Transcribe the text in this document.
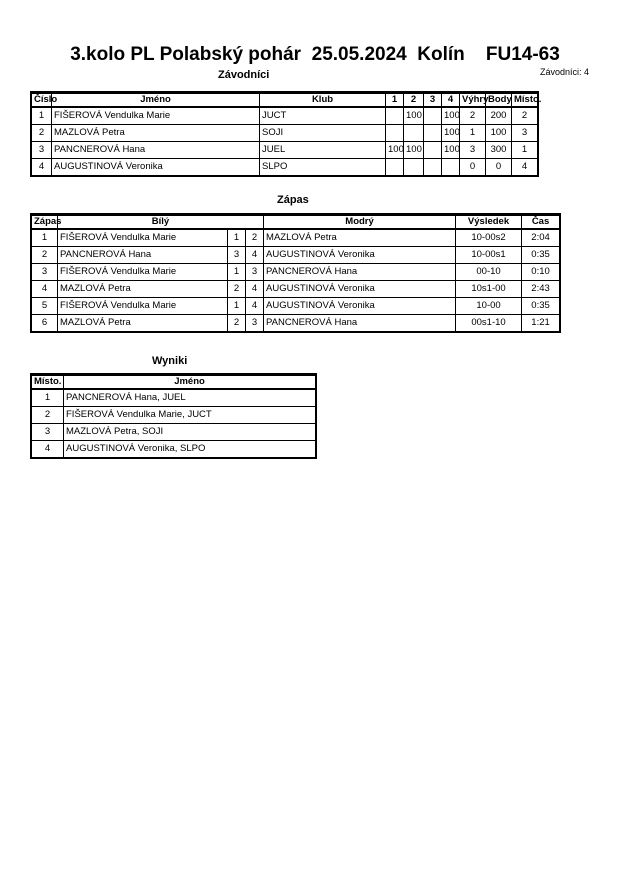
3.kolo PL Polabský pohár  25.05.2024  Kolín    FU14-63
Závodníci	Závodníci: 4
Číslo	Jméno	Klub	1	2	3	4	Výhry	Body	Místo.
1	FIŠEROVÁ Vendulka Marie	JUCT		100		100	2	200	2
2	MAZLOVÁ Petra	SOJI				100	1	100	3
3	PANCNEROVÁ Hana	JUEL	100	100		100	3	300	1
4	AUGUSTINOVÁ Veronika	SLPO					0	0	4
Zápas
Zápas	Bílý			Modrý	Výsledek	Čas
1	FIŠEROVÁ Vendulka Marie	1	2	MAZLOVÁ Petra	10-00s2	2:04
2	PANCNEROVÁ Hana	3	4	AUGUSTINOVÁ Veronika	10-00s1	0:35
3	FIŠEROVÁ Vendulka Marie	1	3	PANCNEROVÁ Hana	00-10	0:10
4	MAZLOVÁ Petra	2	4	AUGUSTINOVÁ Veronika	10s1-00	2:43
5	FIŠEROVÁ Vendulka Marie	1	4	AUGUSTINOVÁ Veronika	10-00	0:35
6	MAZLOVÁ Petra	2	3	PANCNEROVÁ Hana	00s1-10	1:21
Wyniki
Místo.	Jméno
1	PANCNEROVÁ Hana, JUEL
2	FIŠEROVÁ Vendulka Marie, JUCT
3	MAZLOVÁ Petra, SOJI
4	AUGUSTINOVÁ Veronika, SLPO
